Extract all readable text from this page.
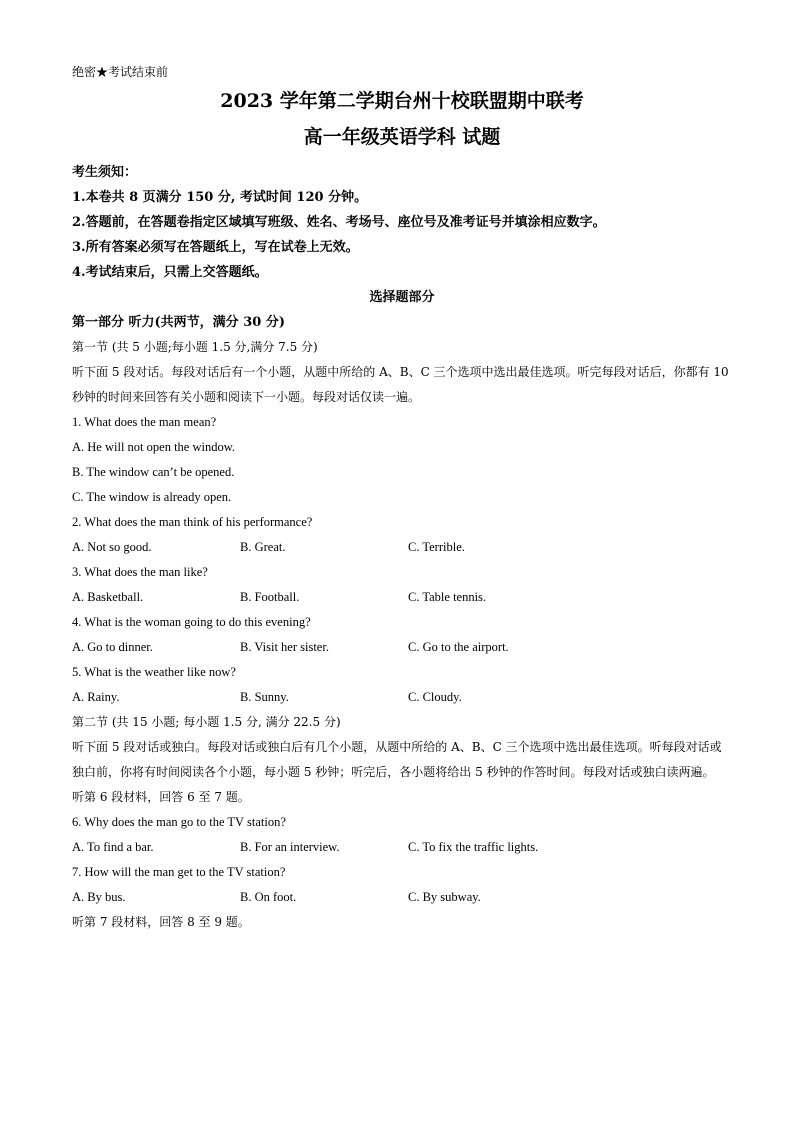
绝密★考试结束前

2023 学年第二学期台州十校联盟期中联考
高一年级英语学科 试题
考生须知：

1.本卷共 8 页满分 150 分, 考试时间 120 分钟。

2.答题前，在答题卷指定区域填写班级、姓名、考场号、座位号及准考证号并填涂相应数字。

3.所有答案必须写在答题纸上，写在试卷上无效。

4.考试结束后，只需上交答题纸。

选择题部分
第一部分 听力(共两节，满分 30 分)

第一节 (共 5 小题;每小题 1.5 分,满分 7.5 分)

听下面 5 段对话。每段对话后有一个小题，从题中所给的 A、B、C 三个选项中选出最佳选项。听完每段对话后，你都有 10 秒钟的时间来回答有关小题和阅读下一小题。每段对话仅读一遍。

1. What does the man mean?

A. He will not open the window.

B. The window can’t be opened.

C. The window is already open.

2. What does the man think of his performance?

A. Not so good.	B. Great.	C. Terrible.

3. What does the man like?

A. Basketball.	B. Football.	C. Table tennis.

4. What is the woman going to do this evening?

A. Go to dinner.	B. Visit her sister.	C. Go to the airport.

5. What is the weather like now?

A. Rainy.	B. Sunny.	C. Cloudy.

第二节 (共 15 小题; 每小题 1.5 分, 满分 22.5 分)

听下面 5 段对话或独白。每段对话或独白后有几个小题，从题中所给的 A、B、C 三个选项中选出最佳选项。听每段对话或独白前，你将有时间阅读各个小题，每小题 5 秒钟；听完后，各小题将给出 5 秒钟的作答时间。每段对话或独白读两遍。

听第 6 段材料，回答 6 至 7 题。

6. Why does the man go to the TV station?

A. To find a bar.	B. For an interview.	C. To fix the traffic lights.

7. How will the man get to the TV station?

A. By bus.	B. On foot.	C. By subway.

听第 7 段材料，回答 8 至 9 题。
